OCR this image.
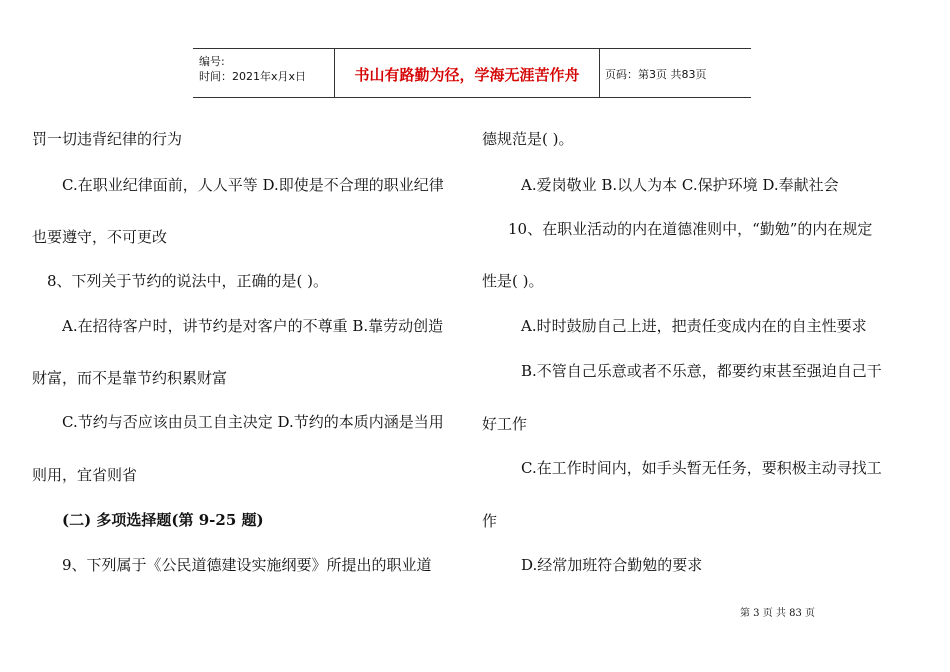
编号:
时间：2021年x月x日	书山有路勤为径，学海无涯苦作舟	页码：第3页 共83页
罚一切违背纪律的行为
C.在职业纪律面前，人人平等 D.即使是不合理的职业纪律
也要遵守，不可更改
8、下列关于节约的说法中，正确的是( )。
A.在招待客户时，讲节约是对客户的不尊重 B.靠劳动创造
财富，而不是靠节约积累财富
C.节约与否应该由员工自主决定 D.节约的本质内涵是当用
则用，宜省则省
(二) 多项选择题(第 9-25 题)
9、下列属于《公民道德建设实施纲要》所提出的职业道
德规范是( )。
A.爱岗敬业 B.以人为本 C.保护环境 D.奉献社会
10、在职业活动的内在道德准则中，“勤勉”的内在规定
性是( )。
A.时时鼓励自己上进，把责任变成内在的自主性要求
B.不管自己乐意或者不乐意，都要约束甚至强迫自己干
好工作
C.在工作时间内，如手头暂无任务，要积极主动寻找工
作
D.经常加班符合勤勉的要求
第 3 页 共 83 页
